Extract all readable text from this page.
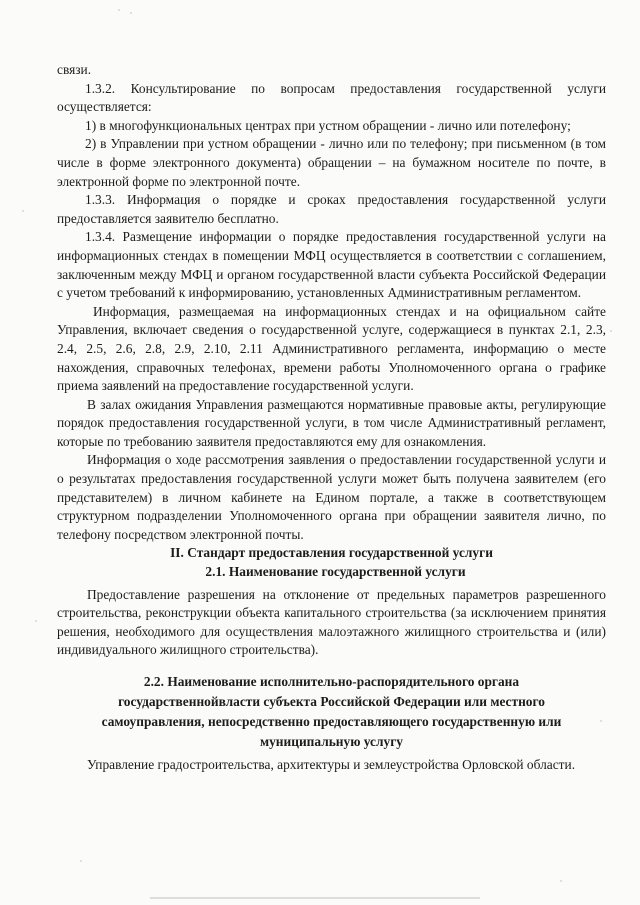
связи.

1.3.2. Консультирование по вопросам предоставления государственной услуги осуществляется:

1) в многофункциональных центрах при устном обращении - лично или потелефону;

2) в Управлении при устном обращении - лично или по телефону; при письменном (в том числе в форме электронного документа) обращении – на бумажном носителе по почте, в электронной форме по электронной почте.

1.3.3. Информация о порядке и сроках предоставления государственной услуги предоставляется заявителю бесплатно.

1.3.4. Размещение информации о порядке предоставления государственной услуги на информационных стендах в помещении МФЦ осуществляется в соответствии с соглашением, заключенным между МФЦ и органом государственной власти субъекта Российской Федерации с учетом требований к информированию, установленных Административным регламентом.

Информация, размещаемая на информационных стендах и на официальном сайте Управления, включает сведения о государственной услуге, содержащиеся в пунктах 2.1, 2.3, 2.4, 2.5, 2.6, 2.8, 2.9, 2.10, 2.11 Административного регламента, информацию о месте нахождения, справочных телефонах, времени работы Уполномоченного органа о графике приема заявлений на предоставление государственной услуги.

В залах ожидания Управления размещаются нормативные правовые акты, регулирующие порядок предоставления государственной услуги, в том числе Административный регламент, которые по требованию заявителя предоставляются ему для ознакомления.

Информация о ходе рассмотрения заявления о предоставлении государственной услуги и о результатах предоставления государственной услуги может быть получена заявителем (его представителем) в личном кабинете на Едином портале, а также в соответствующем структурном подразделении Уполномоченного органа при обращении заявителя лично, по телефону посредством электронной почты.

II. Стандарт предоставления государственной услуги

2.1. Наименование государственной услуги

Предоставление разрешения на отклонение от предельных параметров разрешенного строительства, реконструкции объекта капитального строительства (за исключением принятия решения, необходимого для осуществления малоэтажного жилищного строительства и (или) индивидуального жилищного строительства).

2.2. Наименование исполнительно-распорядительного органа государственнойвласти субъекта Российской Федерации или местного самоуправления, непосредственно предоставляющего государственную или муниципальную услугу

Управление градостроительства, архитектуры и землеустройства Орловской области.
